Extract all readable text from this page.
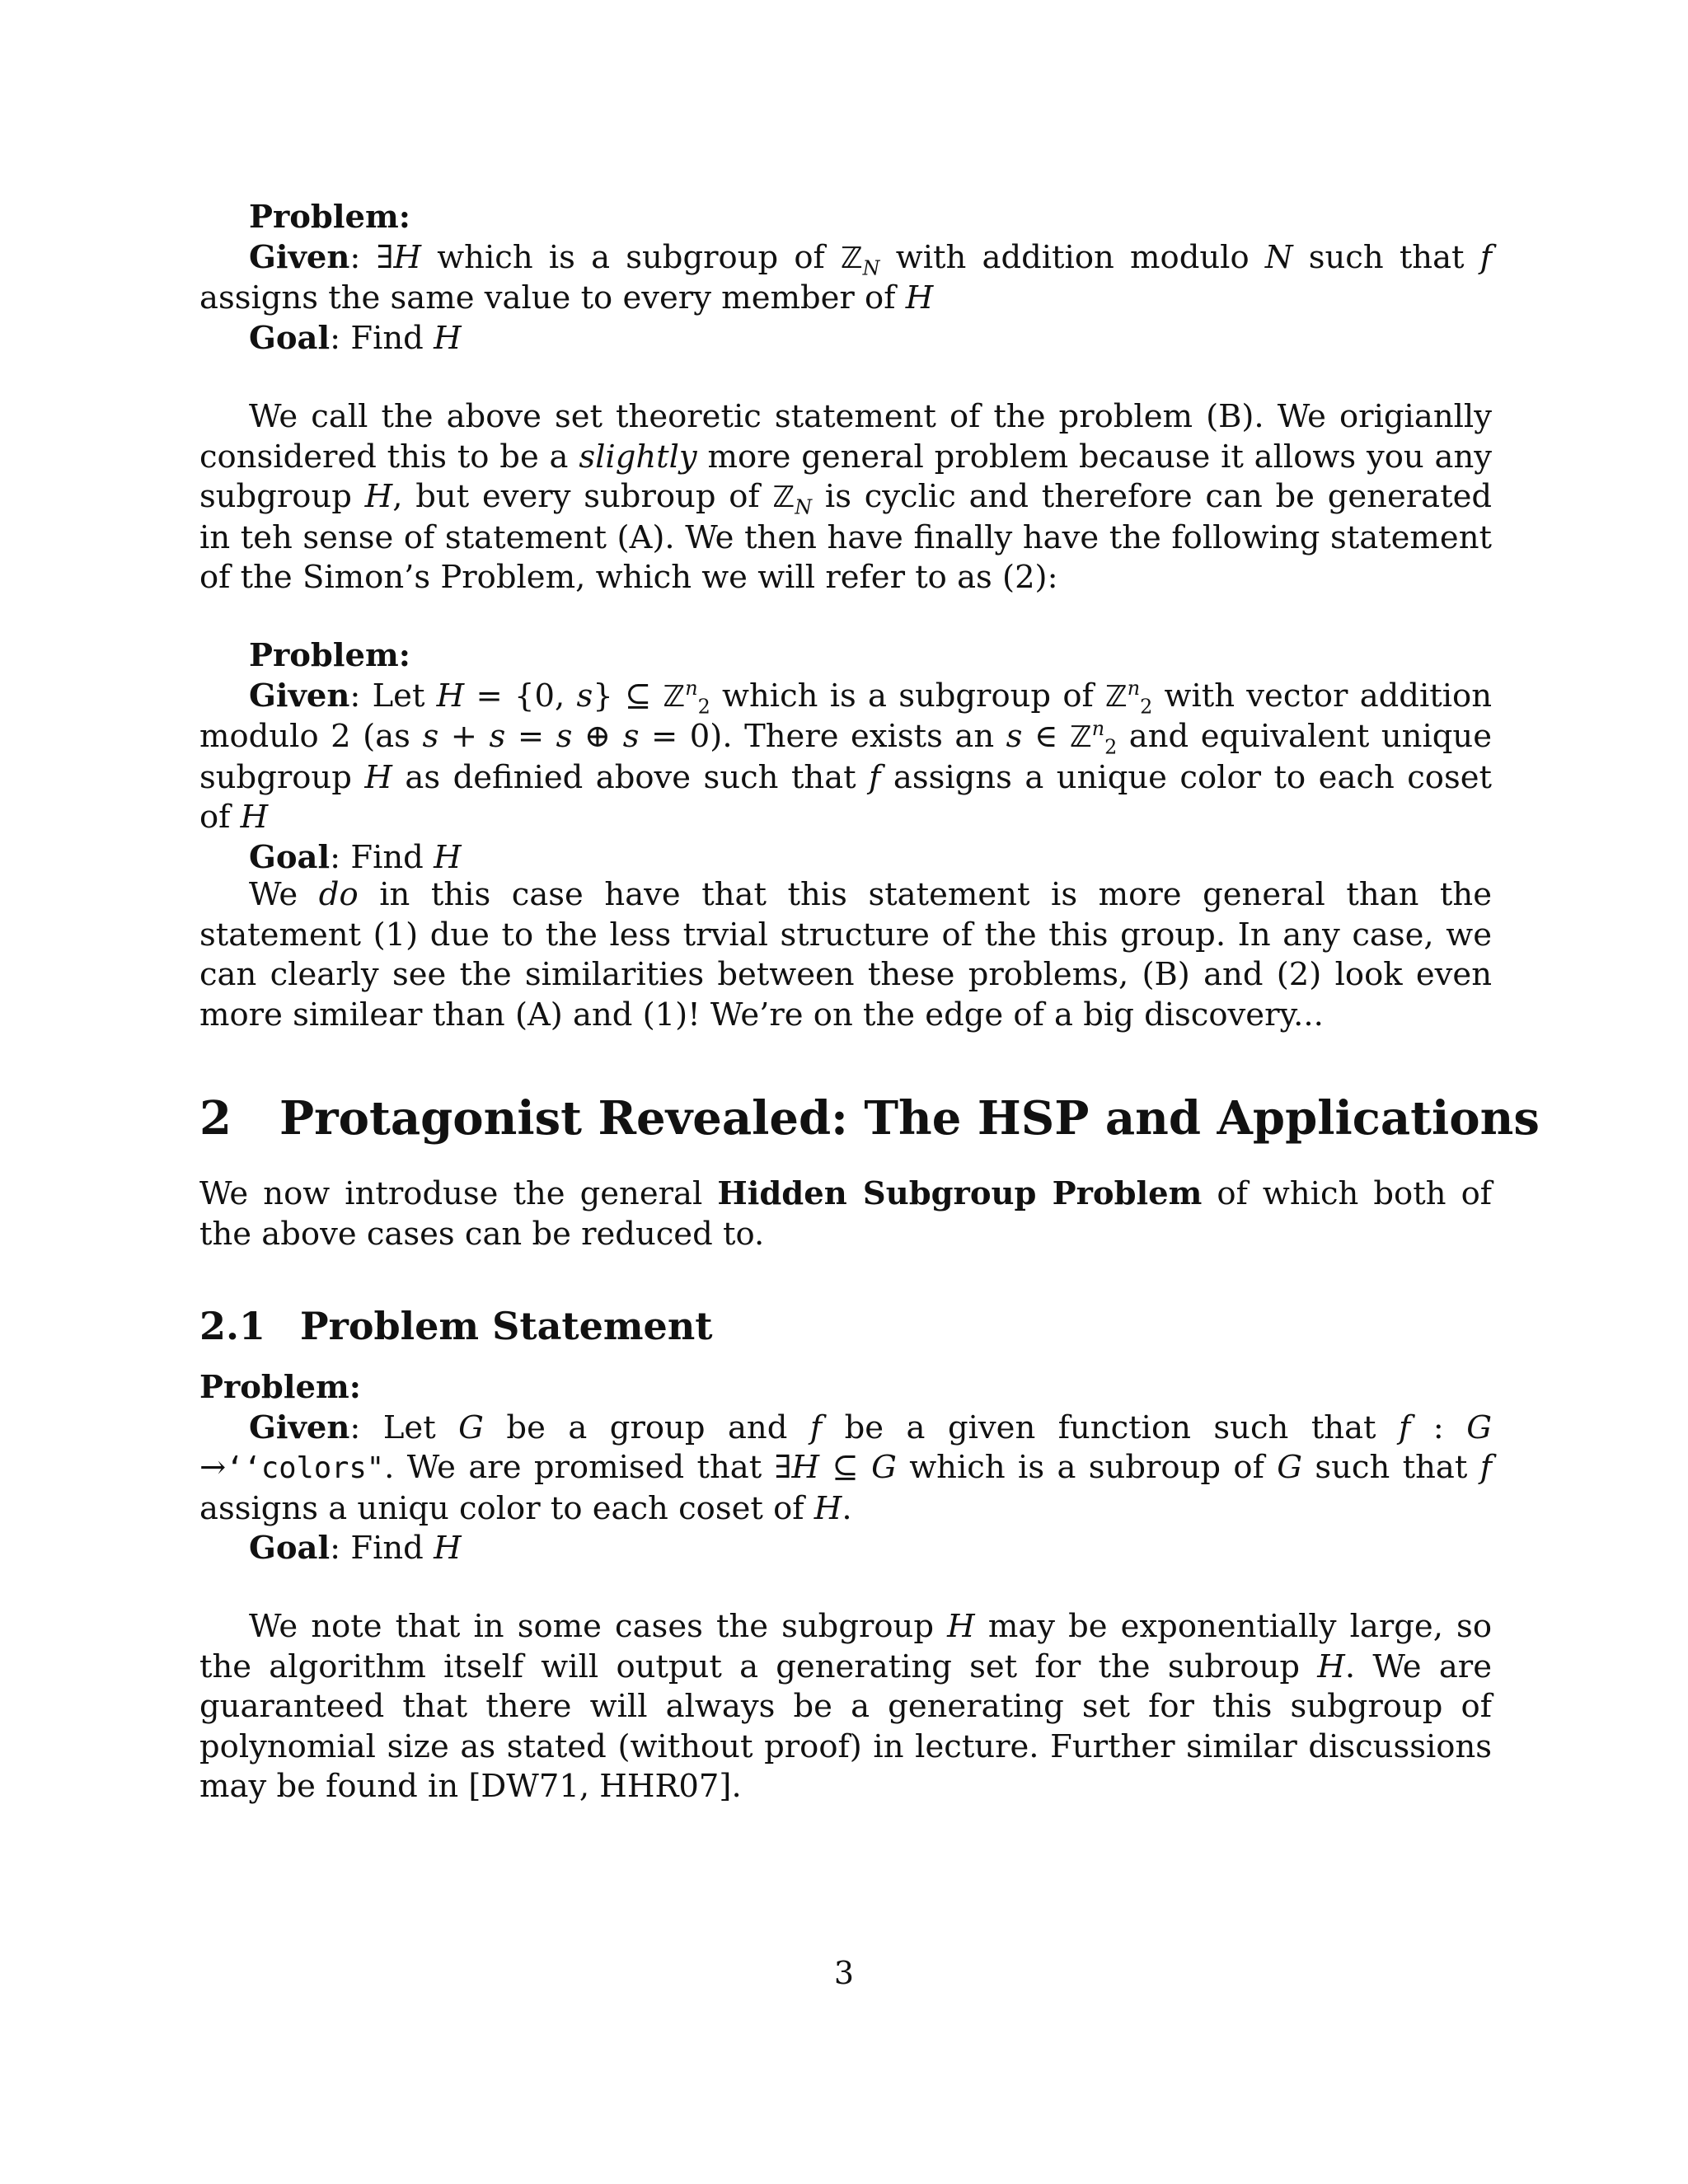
Problem:

Given: ∃H which is a subgroup of ℤ$_N$ with addition modulo N such that f assigns the same value to every member of H

Goal: Find H

We call the above set theoretic statement of the problem (B). We origianlly considered this to be a slightly more general problem because it allows you any subgroup H, but every subroup of ℤ$_N$ is cyclic and therefore can be generated in teh sense of statement (A). We then have finally have the following statement of the Simon’s Problem, which we will refer to as (2):

Problem:

Given: Let H = {0, s} ⊆ ℤ$^n_2$ which is a subgroup of ℤ$^n_2$ with vector addition modulo 2 (as s + s = s ⊕ s = 0). There exists an s ∈ ℤ$^n_2$ and equivalent unique subgroup H as definied above such that f assigns a unique color to each coset of H

Goal: Find H

We do in this case have that this statement is more general than the statement (1) due to the less trvial structure of the this group. In any case, we can clearly see the similarities between these problems, (B) and (2) look even more similear than (A) and (1)! We’re on the edge of a big discovery...

2 Protagonist Revealed: The HSP and Applications

We now introduse the general Hidden Subgroup Problem of which both of the above cases can be reduced to.

2.1 Problem Statement

Problem:

Given: Let G be a group and f be a given function such that f : G →‘‘colors". We are promised that ∃H ⊆ G which is a subroup of G such that f assigns a uniqu color to each coset of H.

Goal: Find H

We note that in some cases the subgroup H may be exponentially large, so the algorithm itself will output a generating set for the subroup H. We are guaranteed that there will always be a generating set for this subgroup of polynomial size as stated (without proof) in lecture. Further similar discussions may be found in [DW71, HHR07].

3
